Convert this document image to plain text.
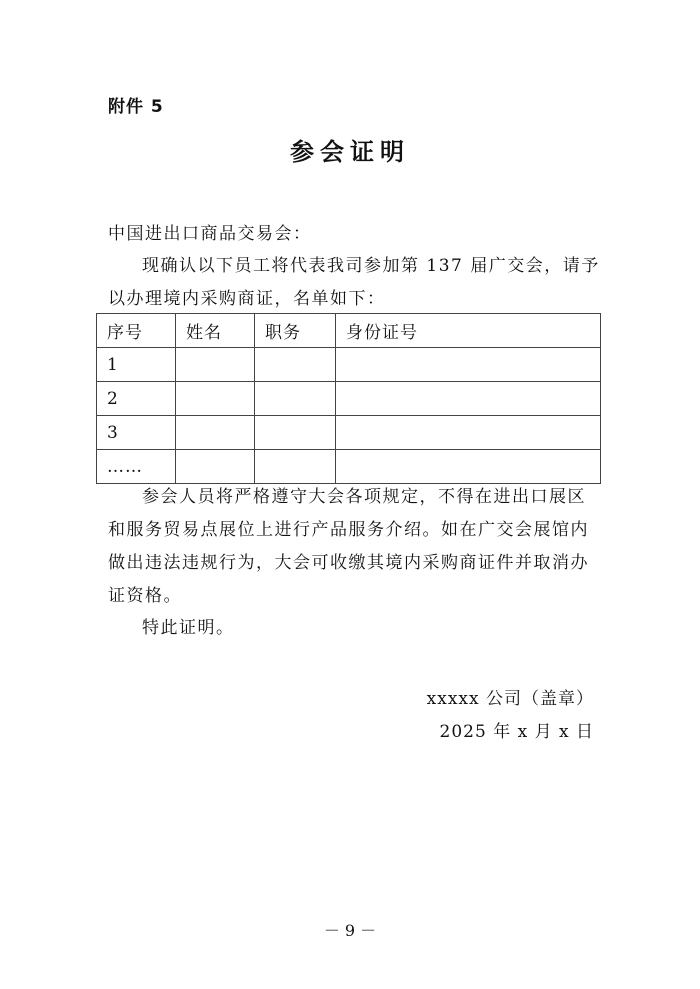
附件 5
参会证明

中国进出口商品交易会：

现确认以下员工将代表我司参加第 137 届广交会，请予以办理境内采购商证，名单如下：

序号	姓名	职务	身份证号
1			
2			
3			
……			

参会人员将严格遵守大会各项规定，不得在进出口展区和服务贸易点展位上进行产品服务介绍。如在广交会展馆内做出违法违规行为，大会可收缴其境内采购商证件并取消办证资格。

特此证明。

xxxxx 公司（盖章）
2025 年 x 月 x 日
－ 9 －
